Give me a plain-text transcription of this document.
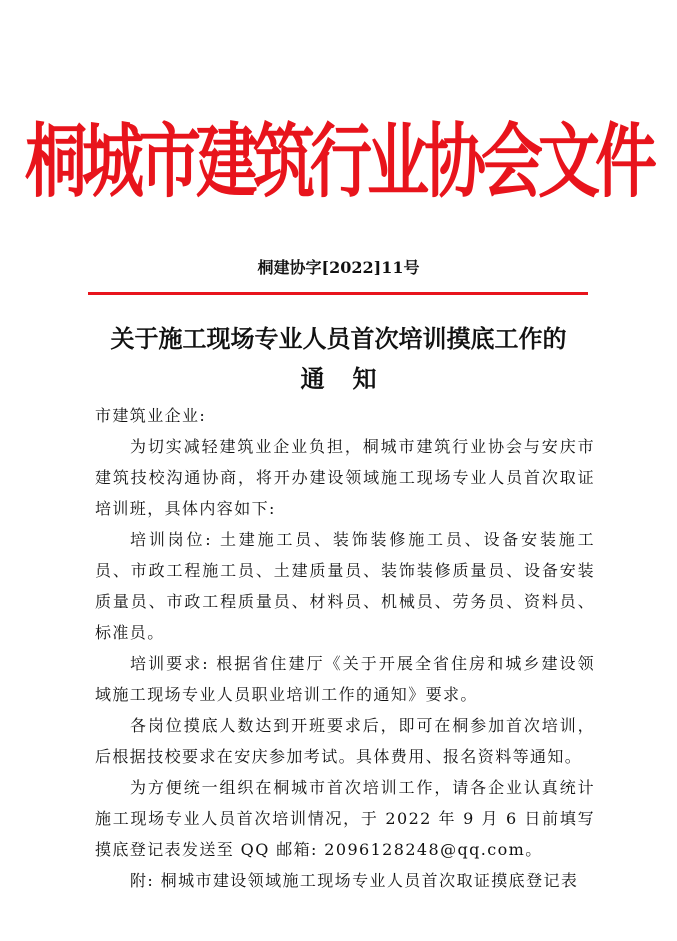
桐城市建筑行业协会文件
桐建协字[2022]11号
关于施工现场专业人员首次培训摸底工作的
通知

市建筑业企业:

为切实减轻建筑业企业负担，桐城市建筑行业协会与安庆市建筑技校沟通协商，将开办建设领域施工现场专业人员首次取证培训班，具体内容如下:

培训岗位: 土建施工员、装饰装修施工员、设备安装施工员、市政工程施工员、土建质量员、装饰装修质量员、设备安装质量员、市政工程质量员、材料员、机械员、劳务员、资料员、标准员。

培训要求: 根据省住建厅《关于开展全省住房和城乡建设领域施工现场专业人员职业培训工作的通知》要求。

各岗位摸底人数达到开班要求后，即可在桐参加首次培训，后根据技校要求在安庆参加考试。具体费用、报名资料等通知。

为方便统一组织在桐城市首次培训工作，请各企业认真统计施工现场专业人员首次培训情况，于 2022 年 9 月 6 日前填写摸底登记表发送至 QQ 邮箱: 2096128248@qq.com。

附: 桐城市建设领域施工现场专业人员首次取证摸底登记表
